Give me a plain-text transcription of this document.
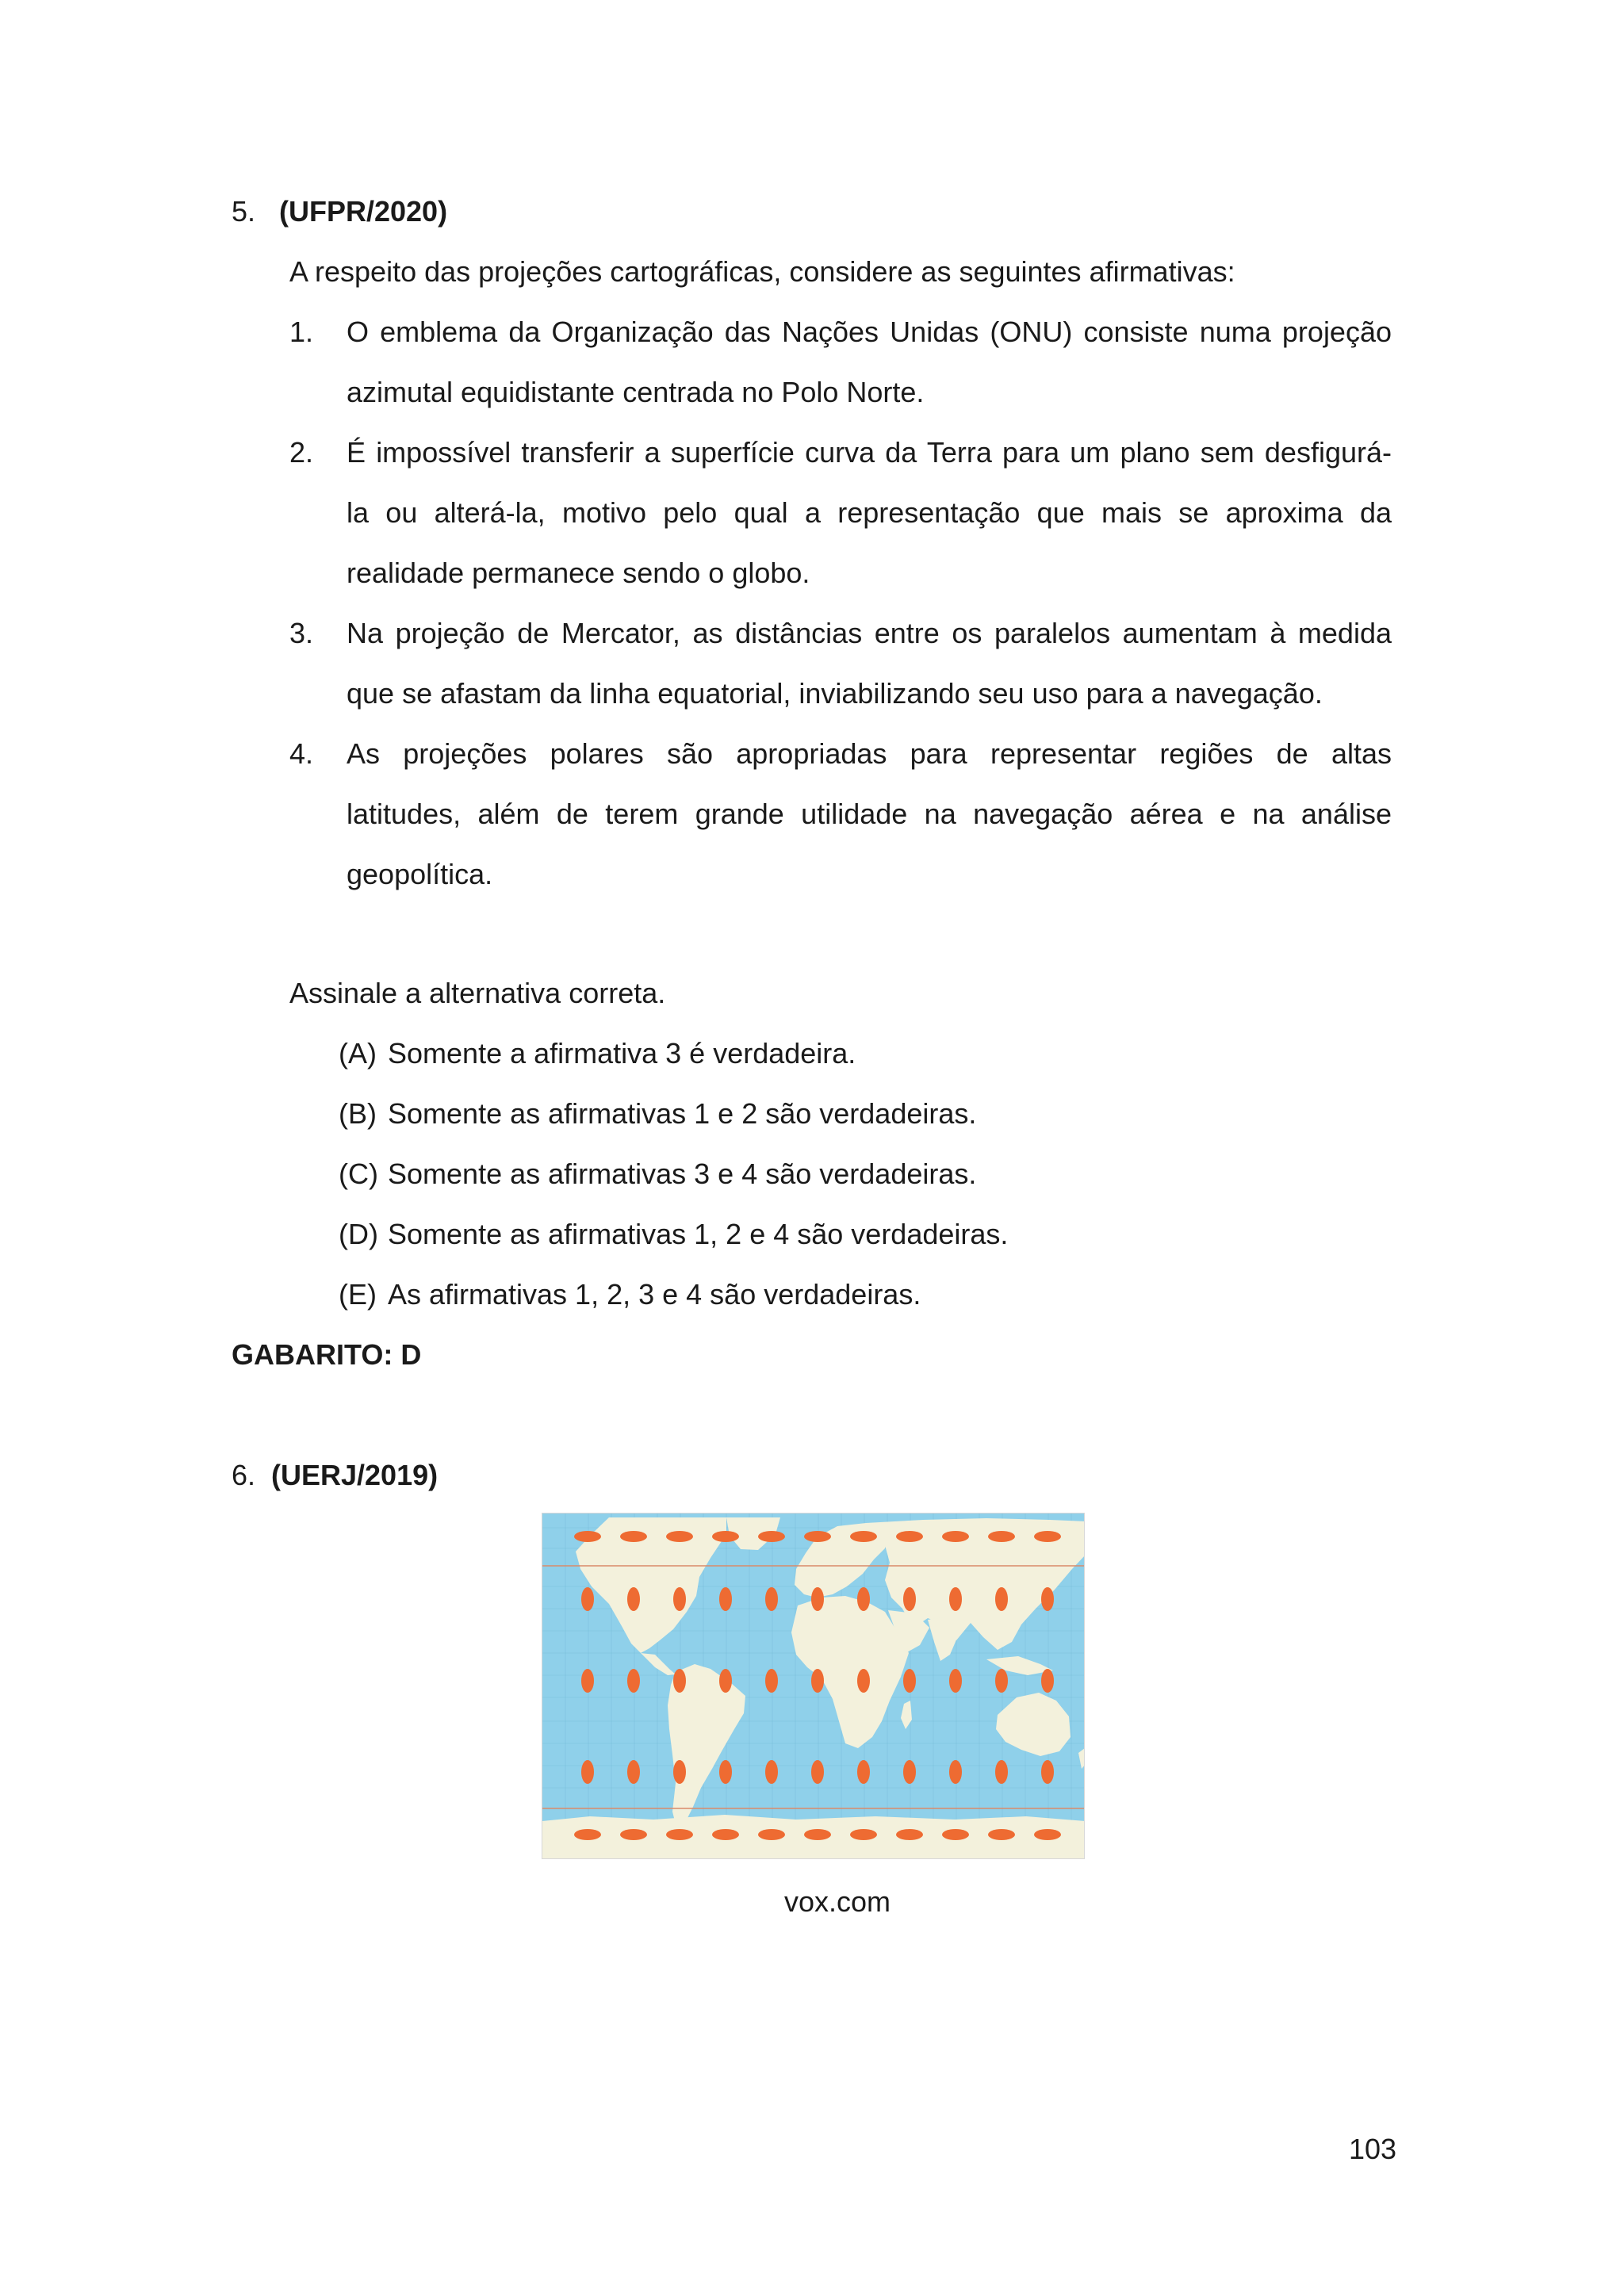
5. (UFPR/2020)
A respeito das projeções cartográficas, considere as seguintes afirmativas:
1. O emblema da Organização das Nações Unidas (ONU) consiste numa projeção
azimutal equidistante centrada no Polo Norte.
2. É impossível transferir a superfície curva da Terra para um plano sem desfigurá-
la ou alterá-la, motivo pelo qual a representação que mais se aproxima da
realidade permanece sendo o globo.
3. Na projeção de Mercator, as distâncias entre os paralelos aumentam à medida
que se afastam da linha equatorial, inviabilizando seu uso para a navegação.
4. As projeções polares são apropriadas para representar regiões de altas
latitudes, além de terem grande utilidade na navegação aérea e na análise
geopolítica.
Assinale a alternativa correta.
(A) Somente a afirmativa 3 é verdadeira.
(B) Somente as afirmativas 1 e 2 são verdadeiras.
(C) Somente as afirmativas 3 e 4 são verdadeiras.
(D) Somente as afirmativas 1, 2 e 4 são verdadeiras.
(E) As afirmativas 1, 2, 3 e 4 são verdadeiras.
GABARITO: D
6. (UERJ/2019)
vox.com
103
